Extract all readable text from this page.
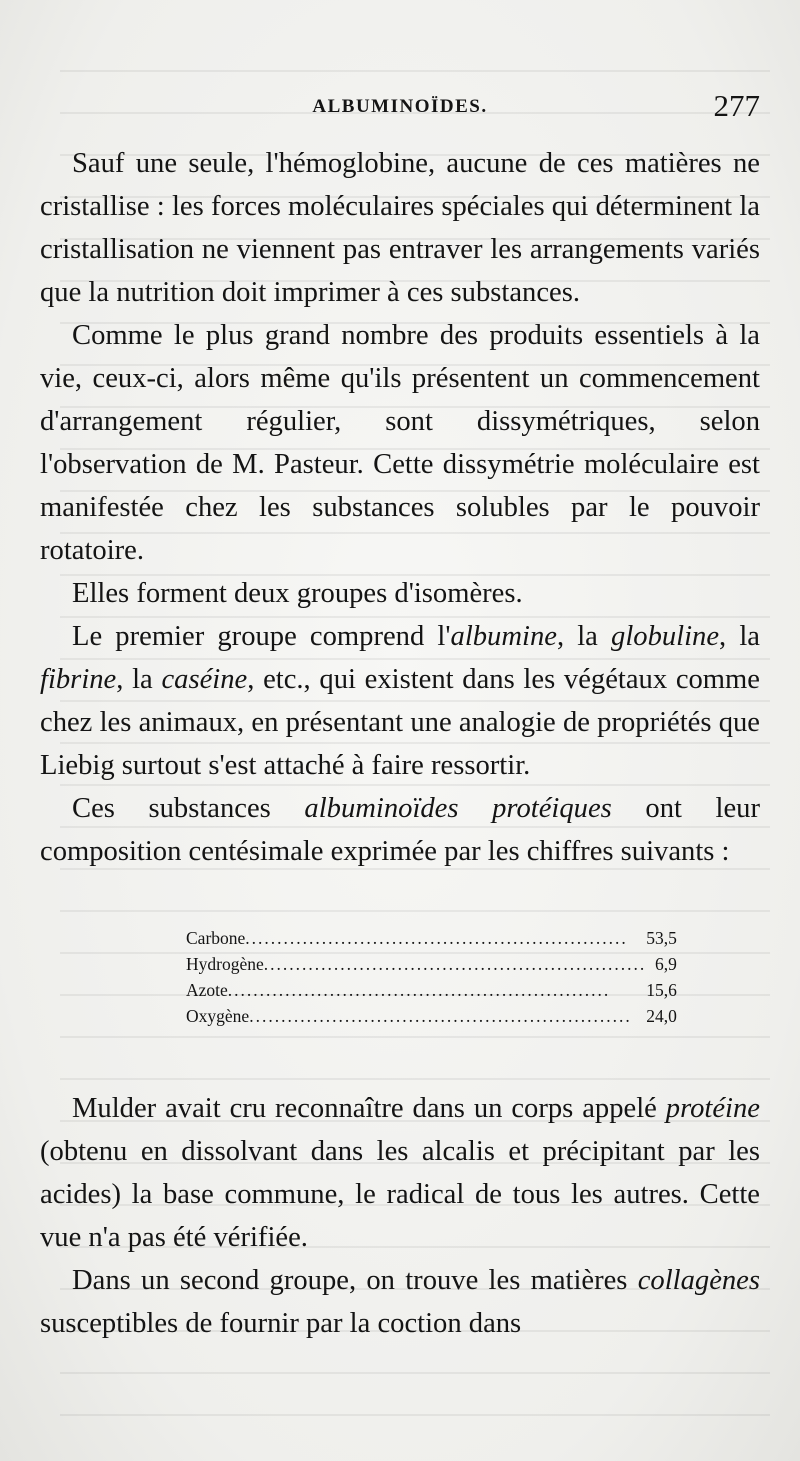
ALBUMINOÏDES.	277

Sauf une seule, l'hémoglobine, aucune de ces matières ne cristallise : les forces moléculaires spéciales qui déterminent la cristallisation ne viennent pas entraver les arrangements variés que la nutrition doit imprimer à ces substances.

Comme le plus grand nombre des produits essentiels à la vie, ceux-ci, alors même qu'ils présentent un commencement d'arrangement régulier, sont dissymétriques, selon l'observation de M. Pasteur. Cette dissymétrie moléculaire est manifestée chez les substances solubles par le pouvoir rotatoire.

Elles forment deux groupes d'isomères.

Le premier groupe comprend l'albumine, la globuline, la fibrine, la caséine, etc., qui existent dans les végétaux comme chez les animaux, en présentant une analogie de propriétés que Liebig surtout s'est attaché à faire ressortir.

Ces substances albuminoïdes protéiques ont leur composition centésimale exprimée par les chiffres suivants :

Carbone............................................................	53,5
Hydrogène............................................................	6,9
Azote............................................................	15,6
Oxygène............................................................	24,0

Mulder avait cru reconnaître dans un corps appelé protéine (obtenu en dissolvant dans les alcalis et précipitant par les acides) la base commune, le radical de tous les autres. Cette vue n'a pas été vérifiée.

Dans un second groupe, on trouve les matières collagènes susceptibles de fournir par la coction dans
